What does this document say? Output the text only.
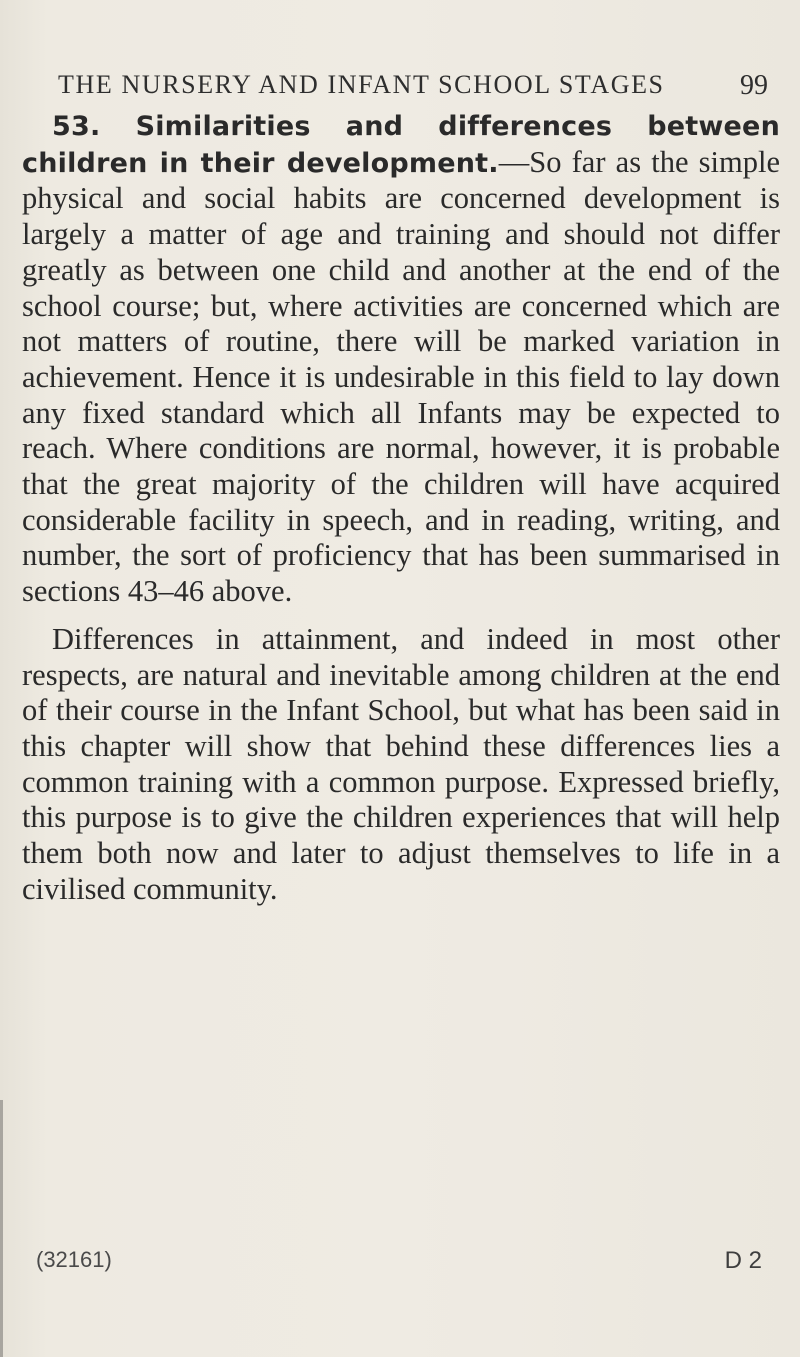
THE NURSERY AND INFANT SCHOOL STAGES	99

53. Similarities and differences between children in their development.—So far as the simple physical and social habits are concerned development is largely a matter of age and training and should not differ greatly as between one child and another at the end of the school course; but, where activities are concerned which are not matters of routine, there will be marked variation in achievement. Hence it is undesirable in this field to lay down any fixed standard which all Infants may be expected to reach. Where conditions are normal, however, it is probable that the great majority of the children will have acquired considerable facility in speech, and in reading, writing, and number, the sort of proficiency that has been summarised in sections 43–46 above.

Differences in attainment, and indeed in most other respects, are natural and inevitable among children at the end of their course in the Infant School, but what has been said in this chapter will show that behind these differences lies a common training with a common purpose. Expressed briefly, this purpose is to give the children experiences that will help them both now and later to adjust themselves to life in a civilised community.

(32161)	D 2
